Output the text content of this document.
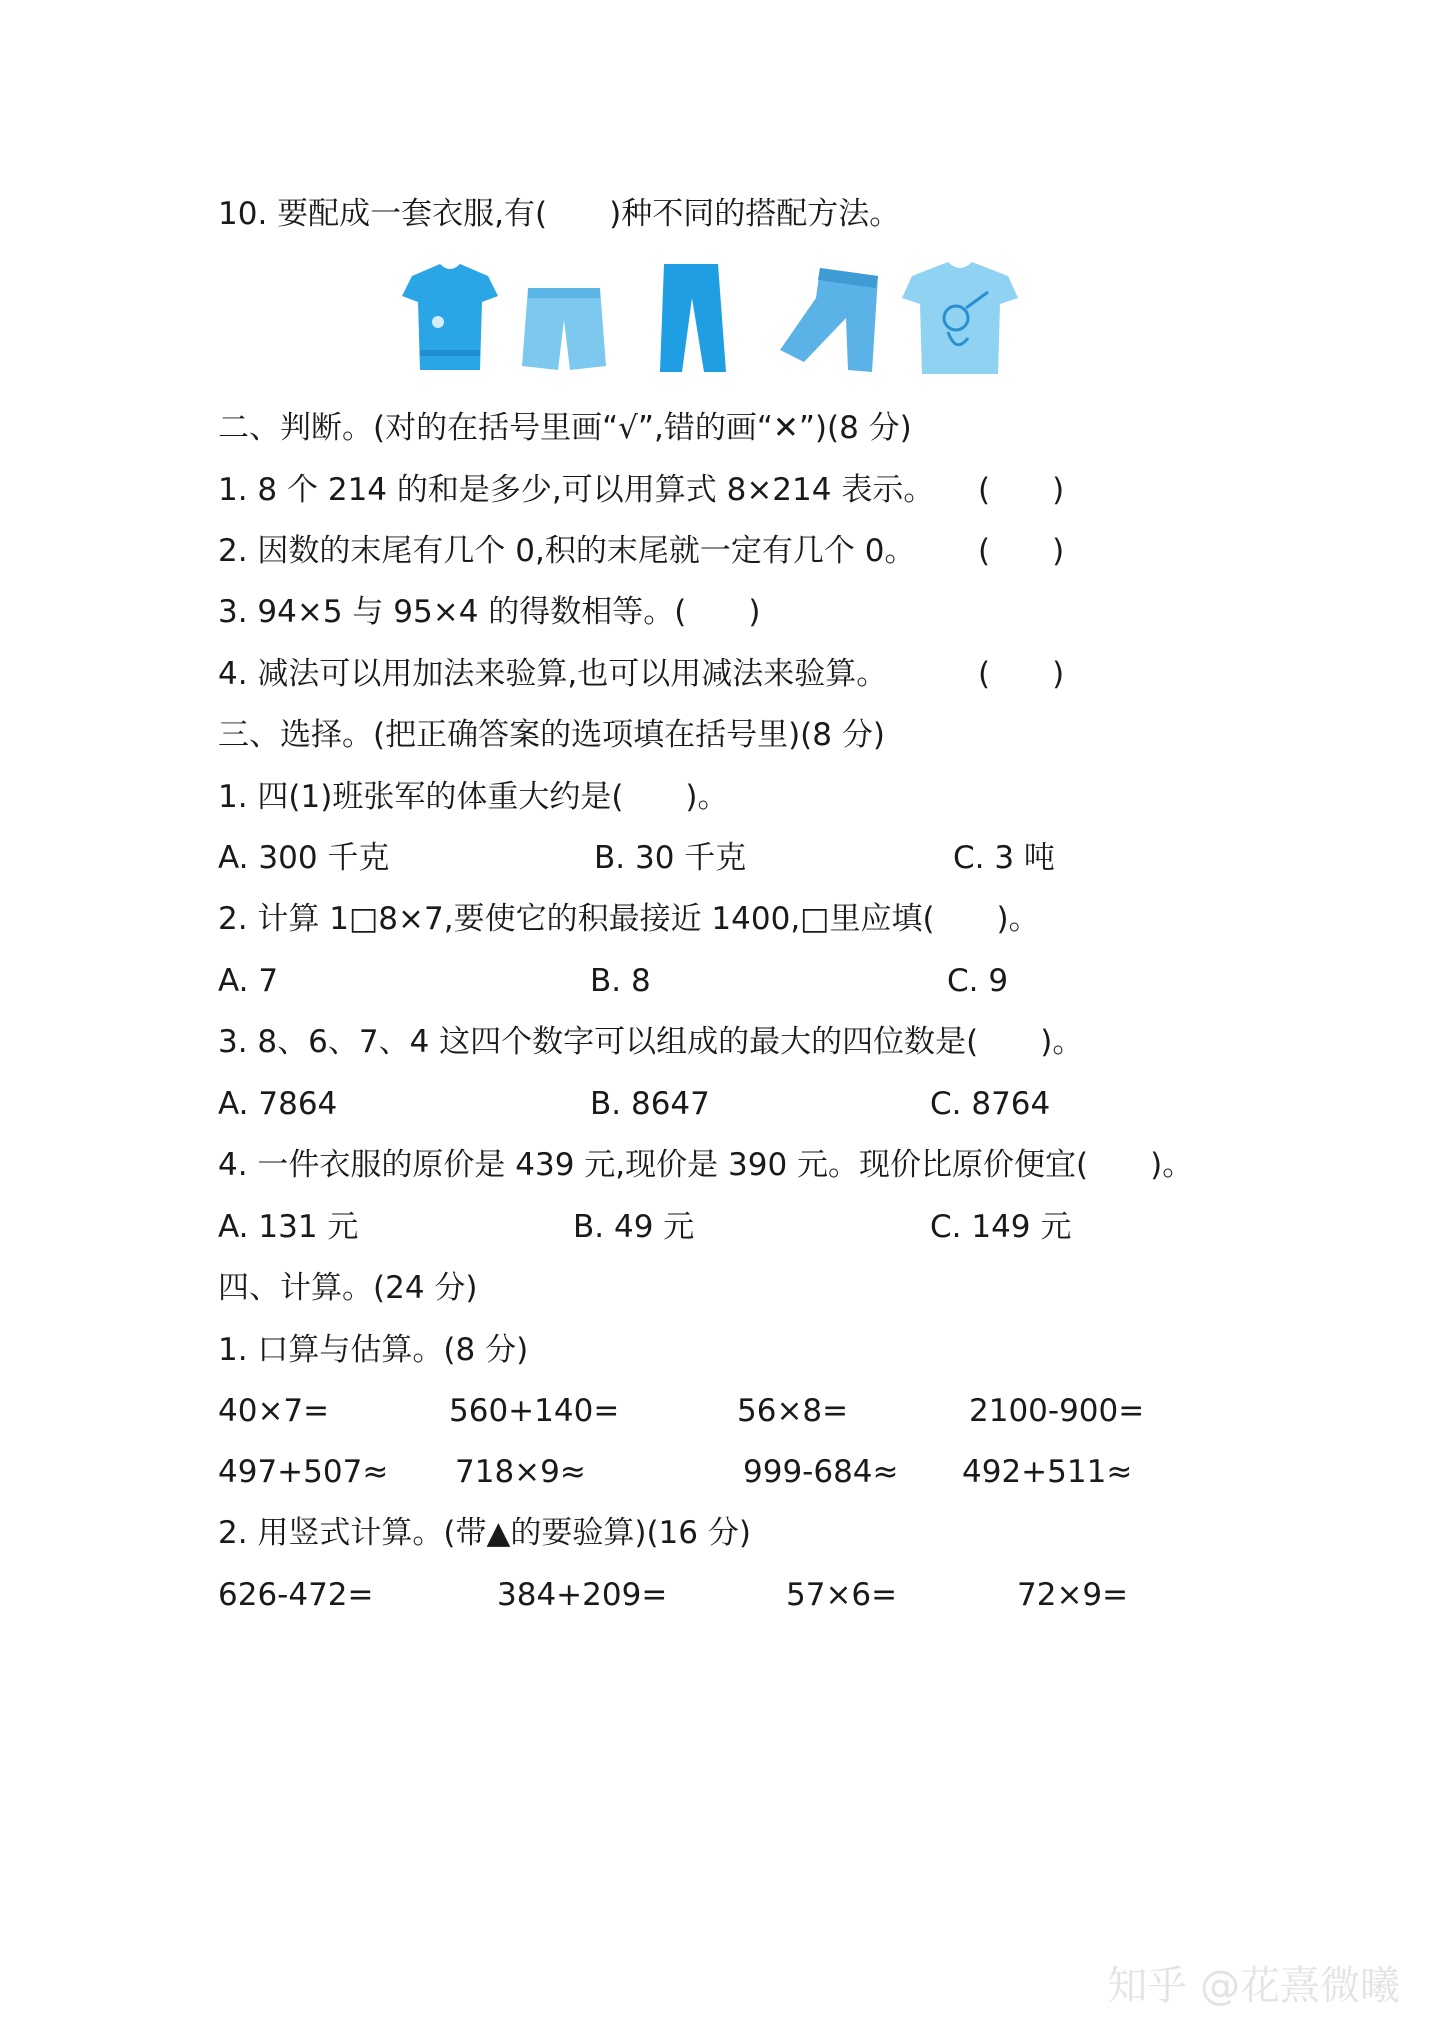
10. 要配成一套衣服,有(　　)种不同的搭配方法。
二、判断。(对的在括号里画“√”,错的画“✕”)(8 分)
1. 8 个 214 的和是多少,可以用算式 8×214 表示。 (　　)
2. 因数的末尾有几个 0,积的末尾就一定有几个 0。 (　　)
3. 94×5 与 95×4 的得数相等。(　　)
4. 减法可以用加法来验算,也可以用减法来验算。	(　　)
三、选择。(把正确答案的选项填在括号里)(8 分)
1. 四(1)班张军的体重大约是(　　)。
A. 300 千克	B. 30 千克	C. 3 吨
2. 计算 1□8×7,要使它的积最接近 1400,□里应填(　　)。
A. 7	B. 8	C. 9
3. 8、6、7、4 这四个数字可以组成的最大的四位数是(　　)。
A. 7864	B. 8647	C. 8764
4. 一件衣服的原价是 439 元,现价是 390 元。现价比原价便宜(　　)。
A. 131 元	B. 49 元	C. 149 元
四、计算。(24 分)
1. 口算与估算。(8 分)
40×7=	560+140=	56×8=	2100-900=
497+507≈ 718×9≈	999-684≈ 492+511≈
2. 用竖式计算。(带▲的要验算)(16 分)
626-472=	384+209=	57×6=	72×9=
知乎 @花熹微曦
